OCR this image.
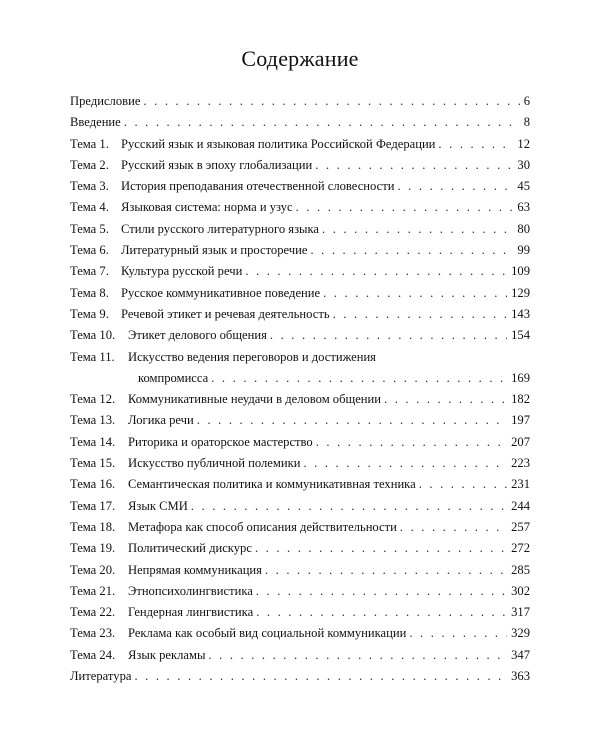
Содержание
Предисловие . . .	6
Введение . . .	8
Тема 1. Русский язык и языковая политика Российской Федерации . . .	12
Тема 2. Русский язык в эпоху глобализации . . .	30
Тема 3. История преподавания отечественной словесности . . .	45
Тема 4. Языковая система: норма и узус . . .	63
Тема 5. Стили русского литературного языка . . .	80
Тема 6. Литературный язык и просторечие . . .	99
Тема 7. Культура русской речи . . .	109
Тема 8. Русское коммуникативное поведение . . .	129
Тема 9. Речевой этикет и речевая деятельность . . .	143
Тема 10.	Этикет делового общения . . .	154
Тема 11.	Искусство ведения переговоров и достижения
компромисса . . .	169
Тема 12.	Коммуникативные неудачи в деловом общении . . .	182
Тема 13.	Логика речи . . .	197
Тема 14.	Риторика и ораторское мастерство . . .	207
Тема 15.	Искусство публичной полемики . . .	223
Тема 16.	Семантическая политика и коммуникативная техника . . .	231
Тема 17.	Язык СМИ . . .	244
Тема 18.	Метафора как способ описания действительности . . .	257
Тема 19.	Политический дискурс . . .	272
Тема 20.	Непрямая коммуникация . . .	285
Тема 21.	Этнопсихолингвистика . . .	302
Тема 22.	Гендерная лингвистика . . .	317
Тема 23.	Реклама как особый вид социальной коммуникации . . .	329
Тема 24.	Язык рекламы . . .	347
Литература . . .	363
